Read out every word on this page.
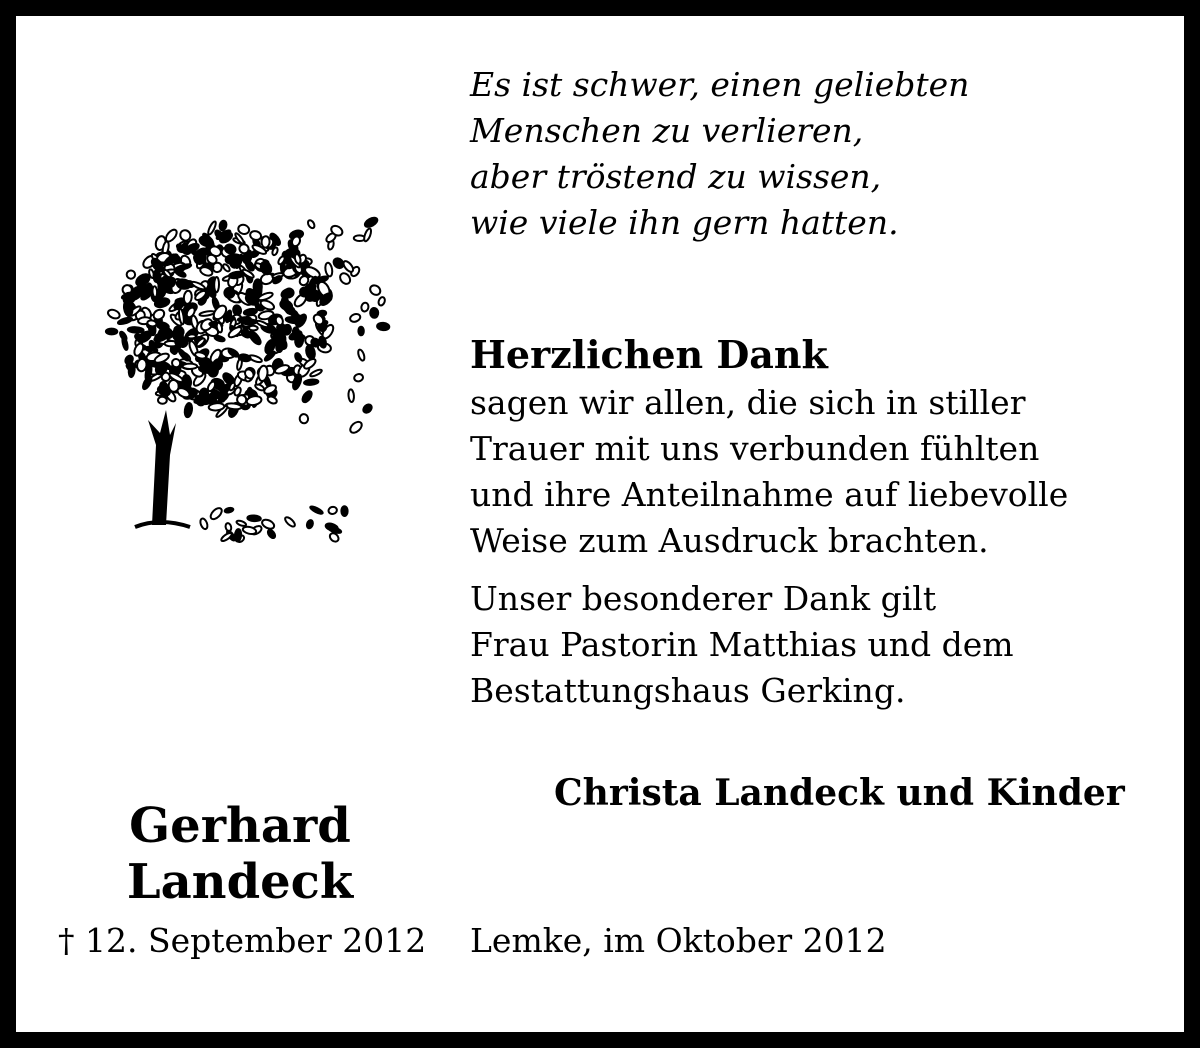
Es ist schwer, einen geliebten
Menschen zu verlieren,
aber tröstend zu wissen,
wie viele ihn gern hatten.
Herzlichen Dank
sagen wir allen, die sich in stiller
Trauer mit uns verbunden fühlten
und ihre Anteilnahme auf liebevolle
Weise zum Ausdruck brachten.
Unser besonderer Dank gilt
Frau Pastorin Matthias und dem
Bestattungshaus Gerking.
Christa Landeck und Kinder
Gerhard
Landeck
† 12. September 2012 Lemke, im Oktober 2012
